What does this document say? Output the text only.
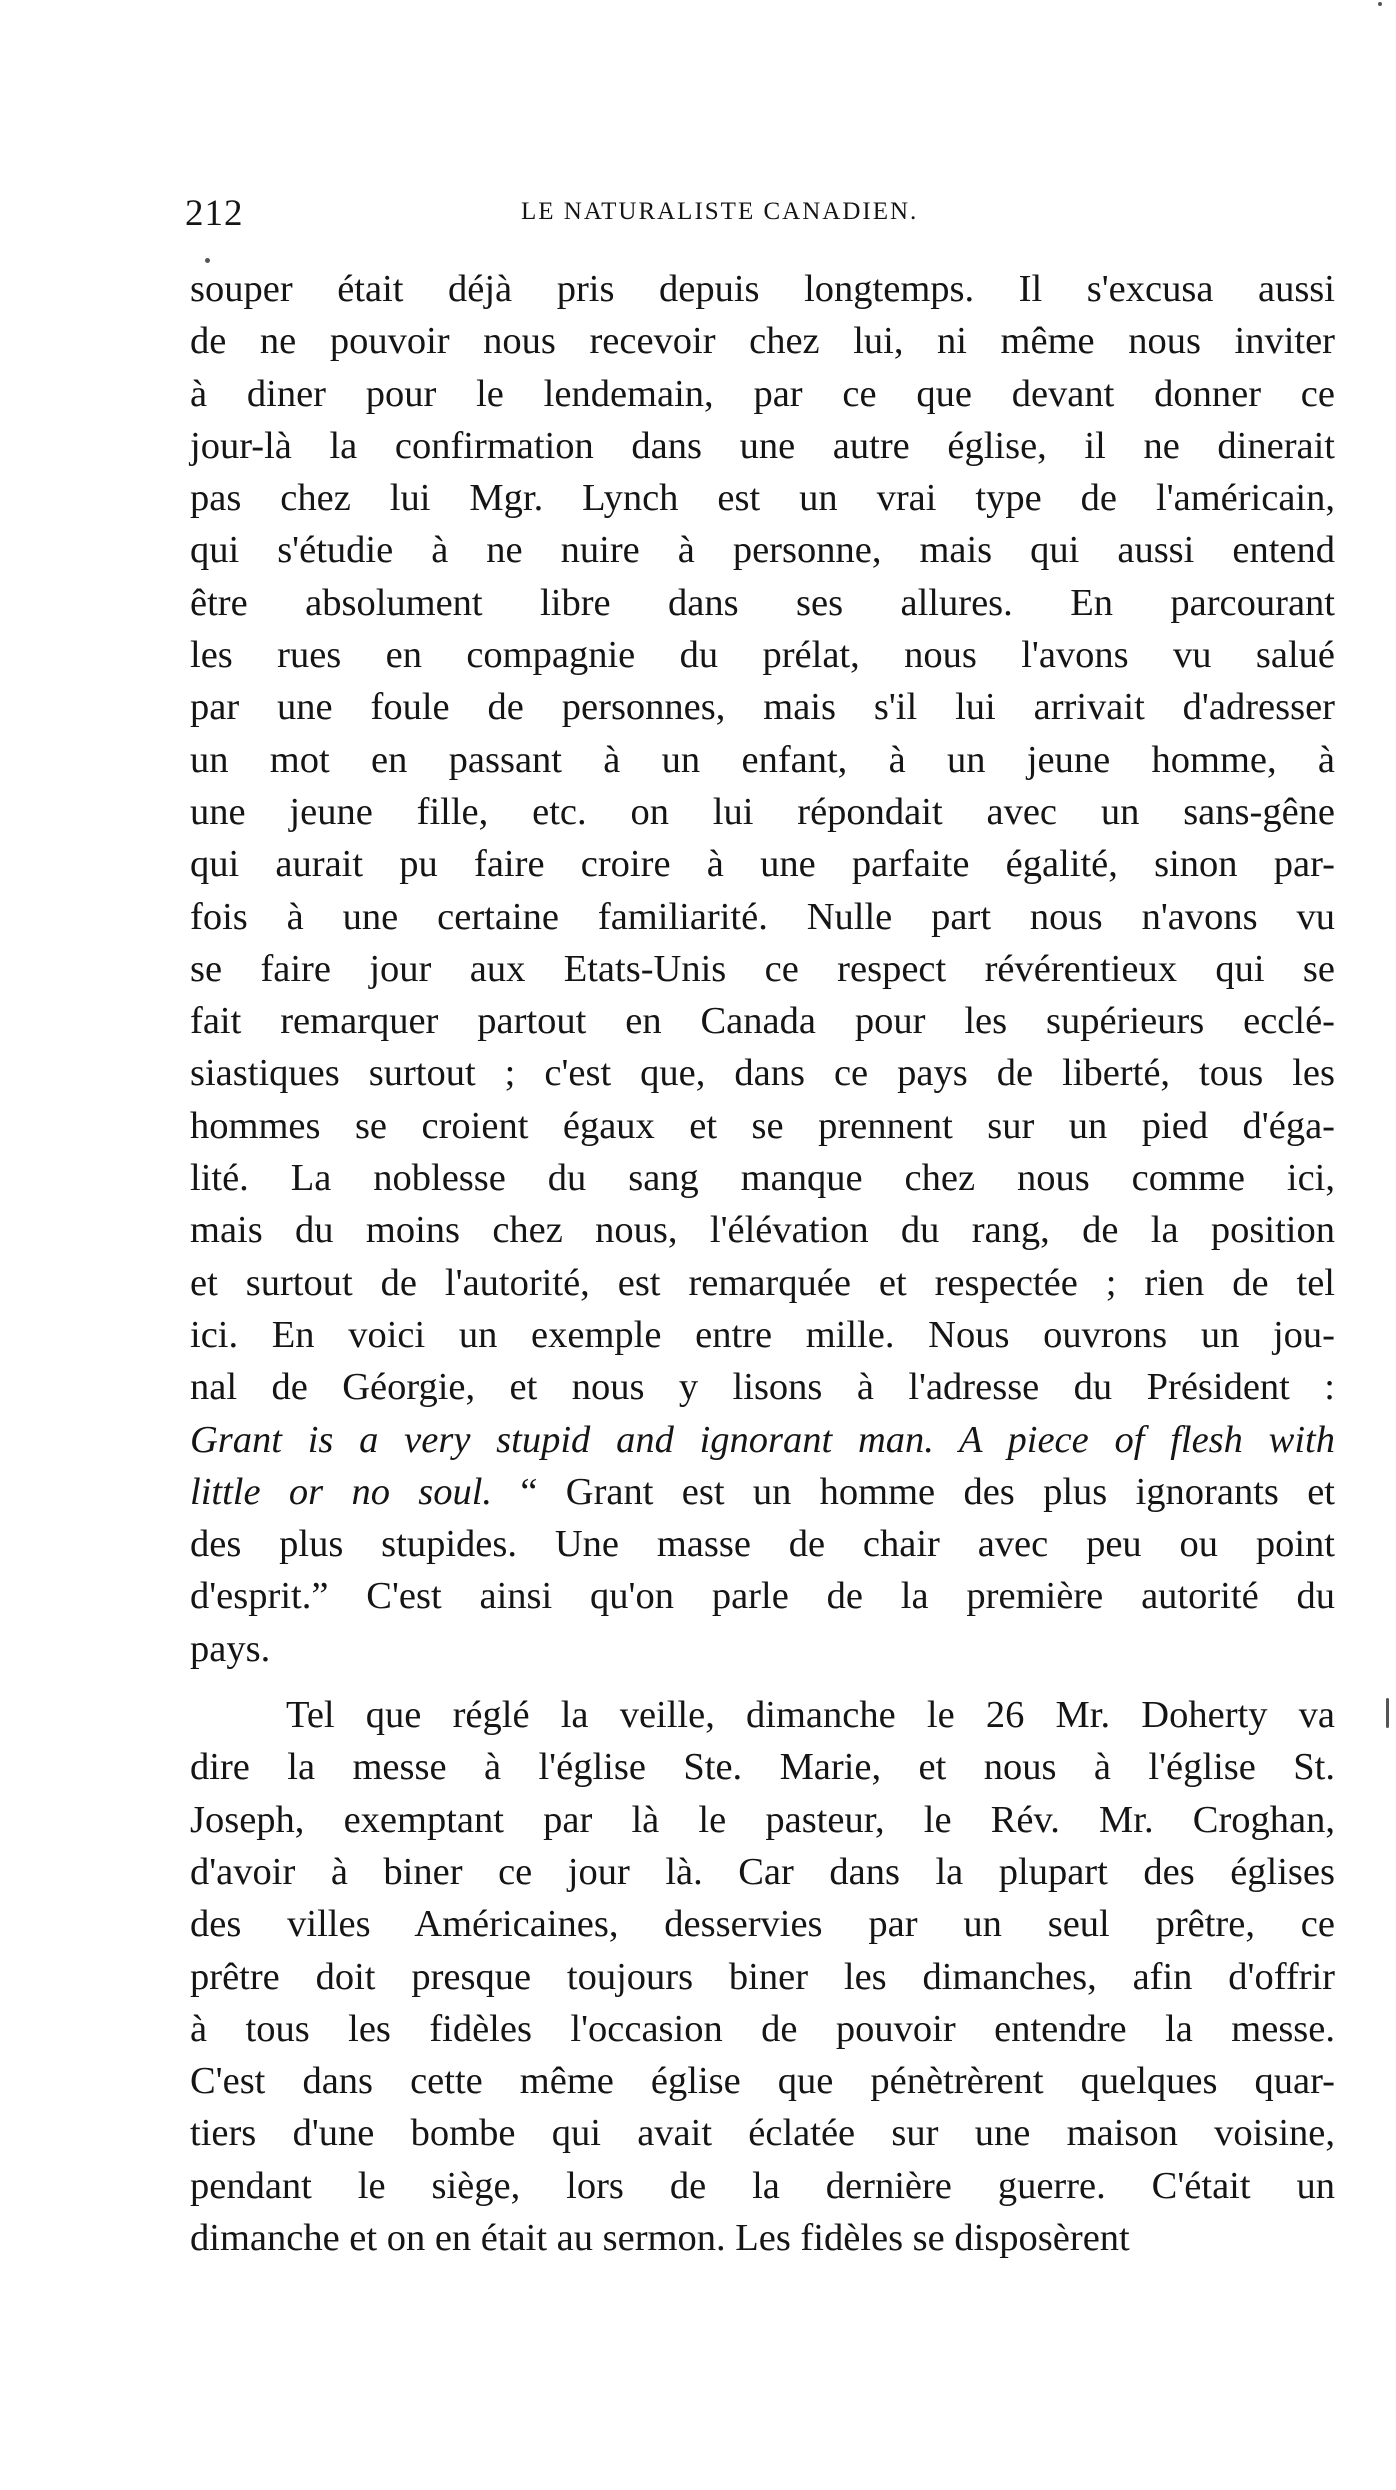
212	LE NATURALISTE CANADIEN.
souper était déjà pris depuis longtemps. Il s'excusa aussi
de ne pouvoir nous recevoir chez lui, ni même nous inviter
à diner pour le lendemain, par ce que devant donner ce
jour-là la confirmation dans une autre église, il ne dinerait
pas chez lui Mgr. Lynch est un vrai type de l'américain,
qui s'étudie à ne nuire à personne, mais qui aussi entend
être absolument libre dans ses allures. En parcourant
les rues en compagnie du prélat, nous l'avons vu salué
par une foule de personnes, mais s'il lui arrivait d'adresser
un mot en passant à un enfant, à un jeune homme, à
une jeune fille, etc. on lui répondait avec un sans-gêne
qui aurait pu faire croire à une parfaite égalité, sinon par-
fois à une certaine familiarité. Nulle part nous n'avons vu
se faire jour aux Etats-Unis ce respect révérentieux qui se
fait remarquer partout en Canada pour les supérieurs ecclé-
siastiques surtout ; c'est que, dans ce pays de liberté, tous les
hommes se croient égaux et se prennent sur un pied d'éga-
lité. La noblesse du sang manque chez nous comme ici,
mais du moins chez nous, l'élévation du rang, de la position
et surtout de l'autorité, est remarquée et respectée ; rien de tel
ici. En voici un exemple entre mille. Nous ouvrons un jou-
nal de Géorgie, et nous y lisons à l'adresse du Président :
Grant is a very stupid and ignorant man. A piece of flesh with
little or no soul. “ Grant est un homme des plus ignorants et
des plus stupides. Une masse de chair avec peu ou point
d'esprit.” C'est ainsi qu'on parle de la première autorité du
pays.
Tel que réglé la veille, dimanche le 26 Mr. Doherty va
dire la messe à l'église Ste. Marie, et nous à l'église St.
Joseph, exemptant par là le pasteur, le Rév. Mr. Croghan,
d'avoir à biner ce jour là. Car dans la plupart des églises
des villes Américaines, desservies par un seul prêtre, ce
prêtre doit presque toujours biner les dimanches, afin d'offrir
à tous les fidèles l'occasion de pouvoir entendre la messe.
C'est dans cette même église que pénètrèrent quelques quar-
tiers d'une bombe qui avait éclatée sur une maison voisine,
pendant le siège, lors de la dernière guerre. C'était un
dimanche et on en était au sermon. Les fidèles se disposèrent
